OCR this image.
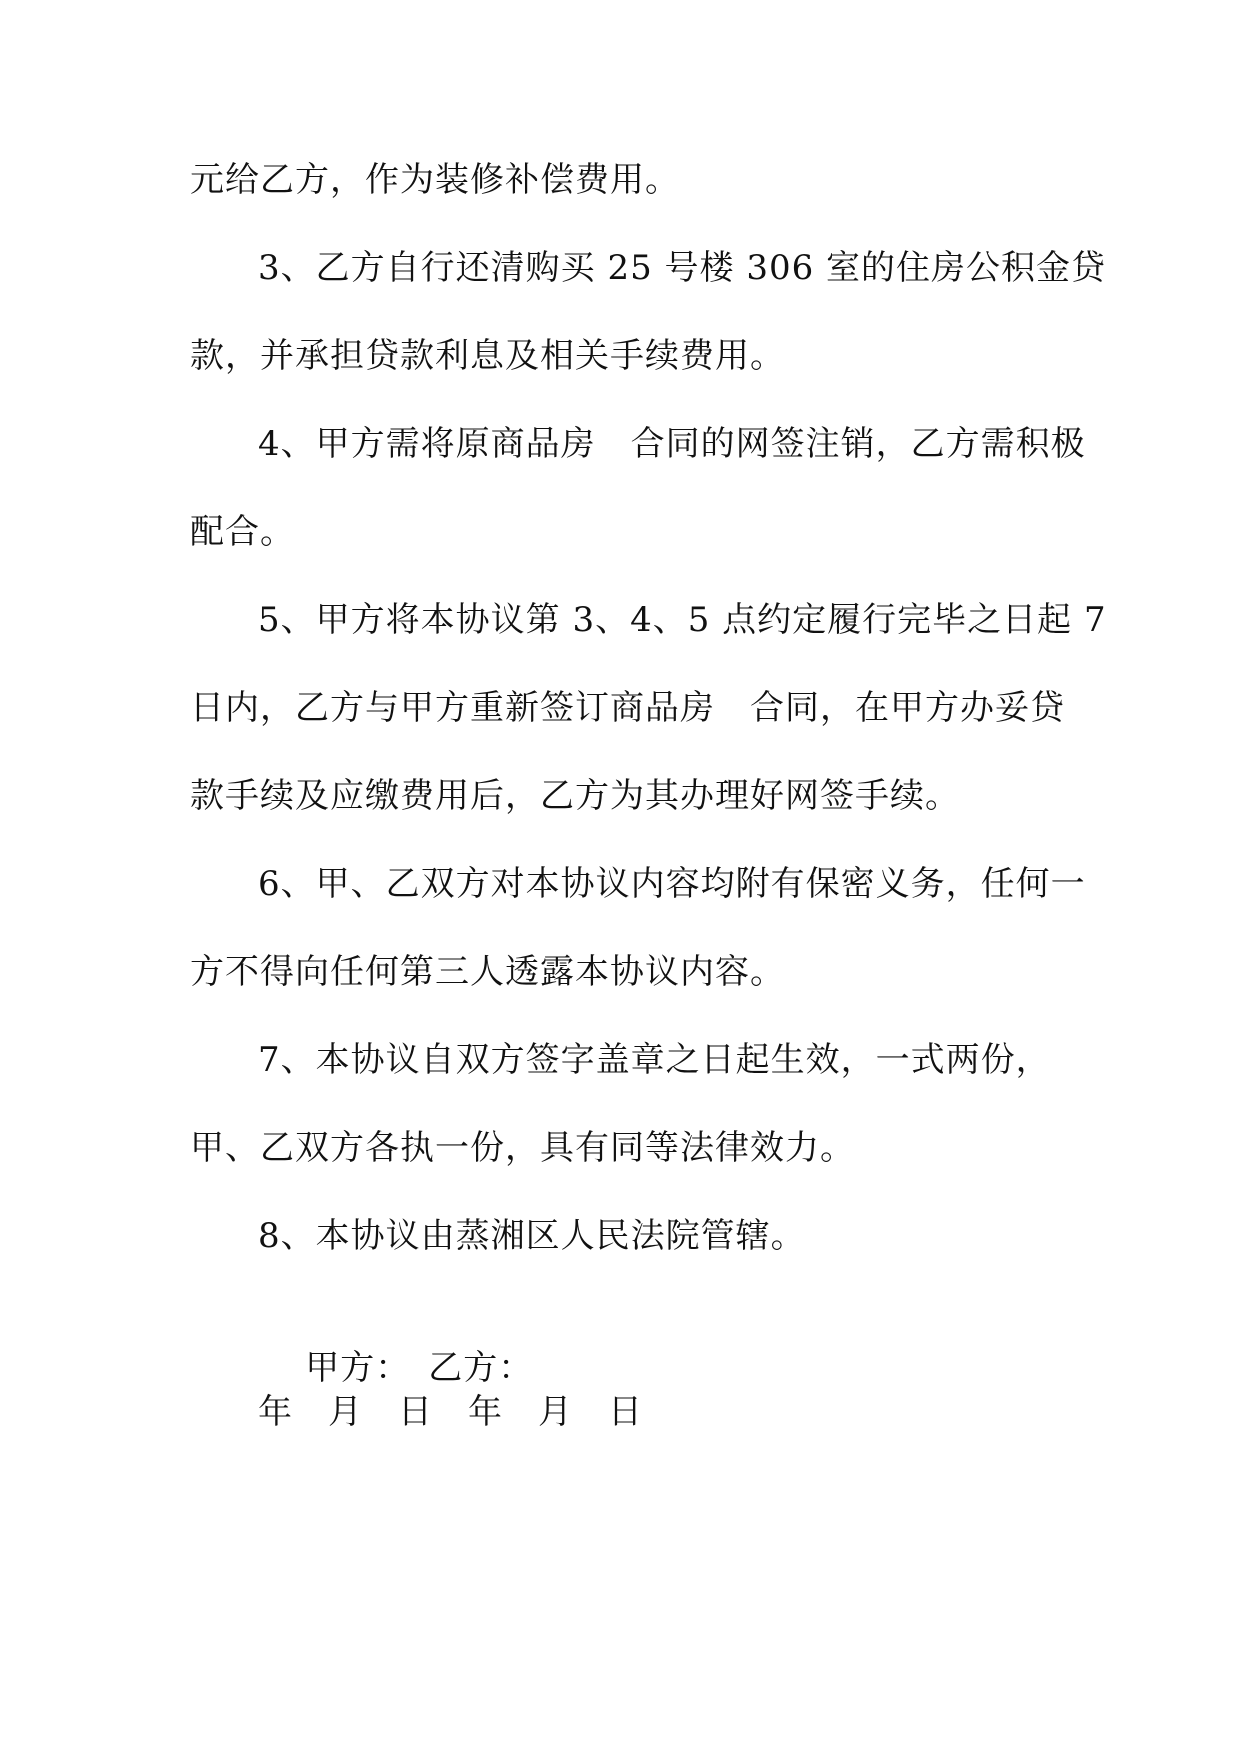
元给乙方，作为装修补偿费用。
3、乙方自行还清购买 25 号楼 306 室的住房公积金贷
款，并承担贷款利息及相关手续费用。
4、甲方需将原商品房　合同的网签注销，乙方需积极
配合。
5、甲方将本协议第 3、4、5 点约定履行完毕之日起 7
日内，乙方与甲方重新签订商品房　合同，在甲方办妥贷
款手续及应缴费用后，乙方为其办理好网签手续。
6、甲、乙双方对本协议内容均附有保密义务，任何一
方不得向任何第三人透露本协议内容。
7、本协议自双方签字盖章之日起生效，一式两份，
甲、乙双方各执一份，具有同等法律效力。
8、本协议由蒸湘区人民法院管辖。

甲方： 乙方：

年　月　日　年　月　日
